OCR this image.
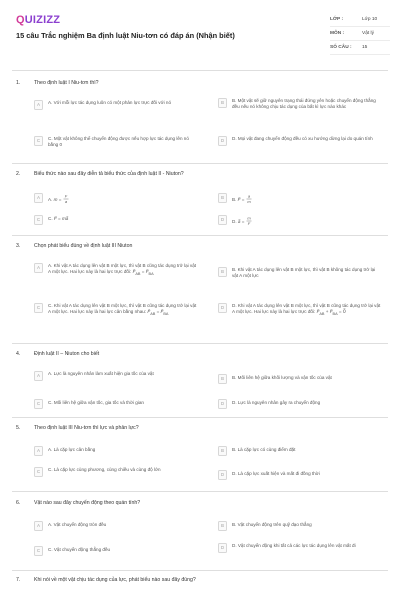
QUIZIZZ
15 câu Trắc nghiệm Ba định luật Niu-tơn có đáp án (Nhận biết)
LỚP :	Lớp 10
MÔN :	Vật lý
SỐ CÂU : 15
1.	Theo định luật I Niu-tơn thì?
A	A. Với mỗi lực tác dụng luôn có một phản lực trực đối với nó	B	B. Một vật sẽ giữ nguyên trạng thái đứng yên hoặc chuyển động thẳng đều nếu nó không chịu tác dụng của bất kì lực nào khác
C	C. Một vật không thể chuyển động được nếu hợp lực tác dụng lên nó bằng 0
D	D. Mọi vật đang chuyển động đều có xu hướng dừng lại do quán tính
2.	Biểu thức nào sau đây diễn tả biểu thức của định luật II - Niuton?
A	A. m =
F
a
B	B. F⃗ =
a
m
C	C. F⃗ = ma	D	D. a⃗ =
m
F
3.	Chọn phát biểu đúng về định luật III Niuton
A	A. Khi vật A tác dụng lên vật B một lực, thì vật B cũng tác dụng trở lại vật A một lực. Hai lực này là hai lực trực đối: $F_{AB} = F_{BA}$
B	B. Khi vật A tác dụng lên vật B một lực, thì vật B không tác dụng trở lại vật A một lực
C	C. Khi vật A tác dụng lên vật B một lực, thì vật B cũng tác dụng trở lại vật A một lực. Hai lực này là hai lực cân bằng nhau: $F_{AB} = F_{BA}$
D	D. Khi vật A tác dụng lên vật B một lực, thì vật B cũng tác dụng trở lại vật A một lực. Hai lực này là hai lực trực đối: $F_{AB} + F_{BA}$ = 0⃗
4.	Định luật II – Niuton cho biết
A	A. Lực là nguyên nhân làm xuất hiện gia tốc của vật
B	B. Mối liên hệ giữa khối lượng và vận tốc của vật
C	C. Mối liên hệ giữa vận tốc, gia tốc và thời gian	D	D. Lực là nguyên nhân gây ra chuyển động
5.	Theo định luật III Niu-tơn thì lực và phản lực?
A	A. Là cặp lực cân bằng	B	B. Là cặp lực có cùng điểm đặt
C	C. Là cặp lực cùng phương, cùng chiều và cùng độ lớn
D	D. Là cặp lực xuất hiện và mất đi đồng thời
6.	Vật nào sau đây chuyển động theo quán tính?
A	A. Vật chuyển động tròn đều	B	B. Vật chuyển động trên quỹ đạo thẳng
C	C. Vật chuyển động thẳng đều	D	D. Vật chuyển động khi tất cả các lực tác dụng lên vật mất đi
7.	Khi nói về một vật chịu tác dụng của lực, phát biểu nào sau đây đúng?
